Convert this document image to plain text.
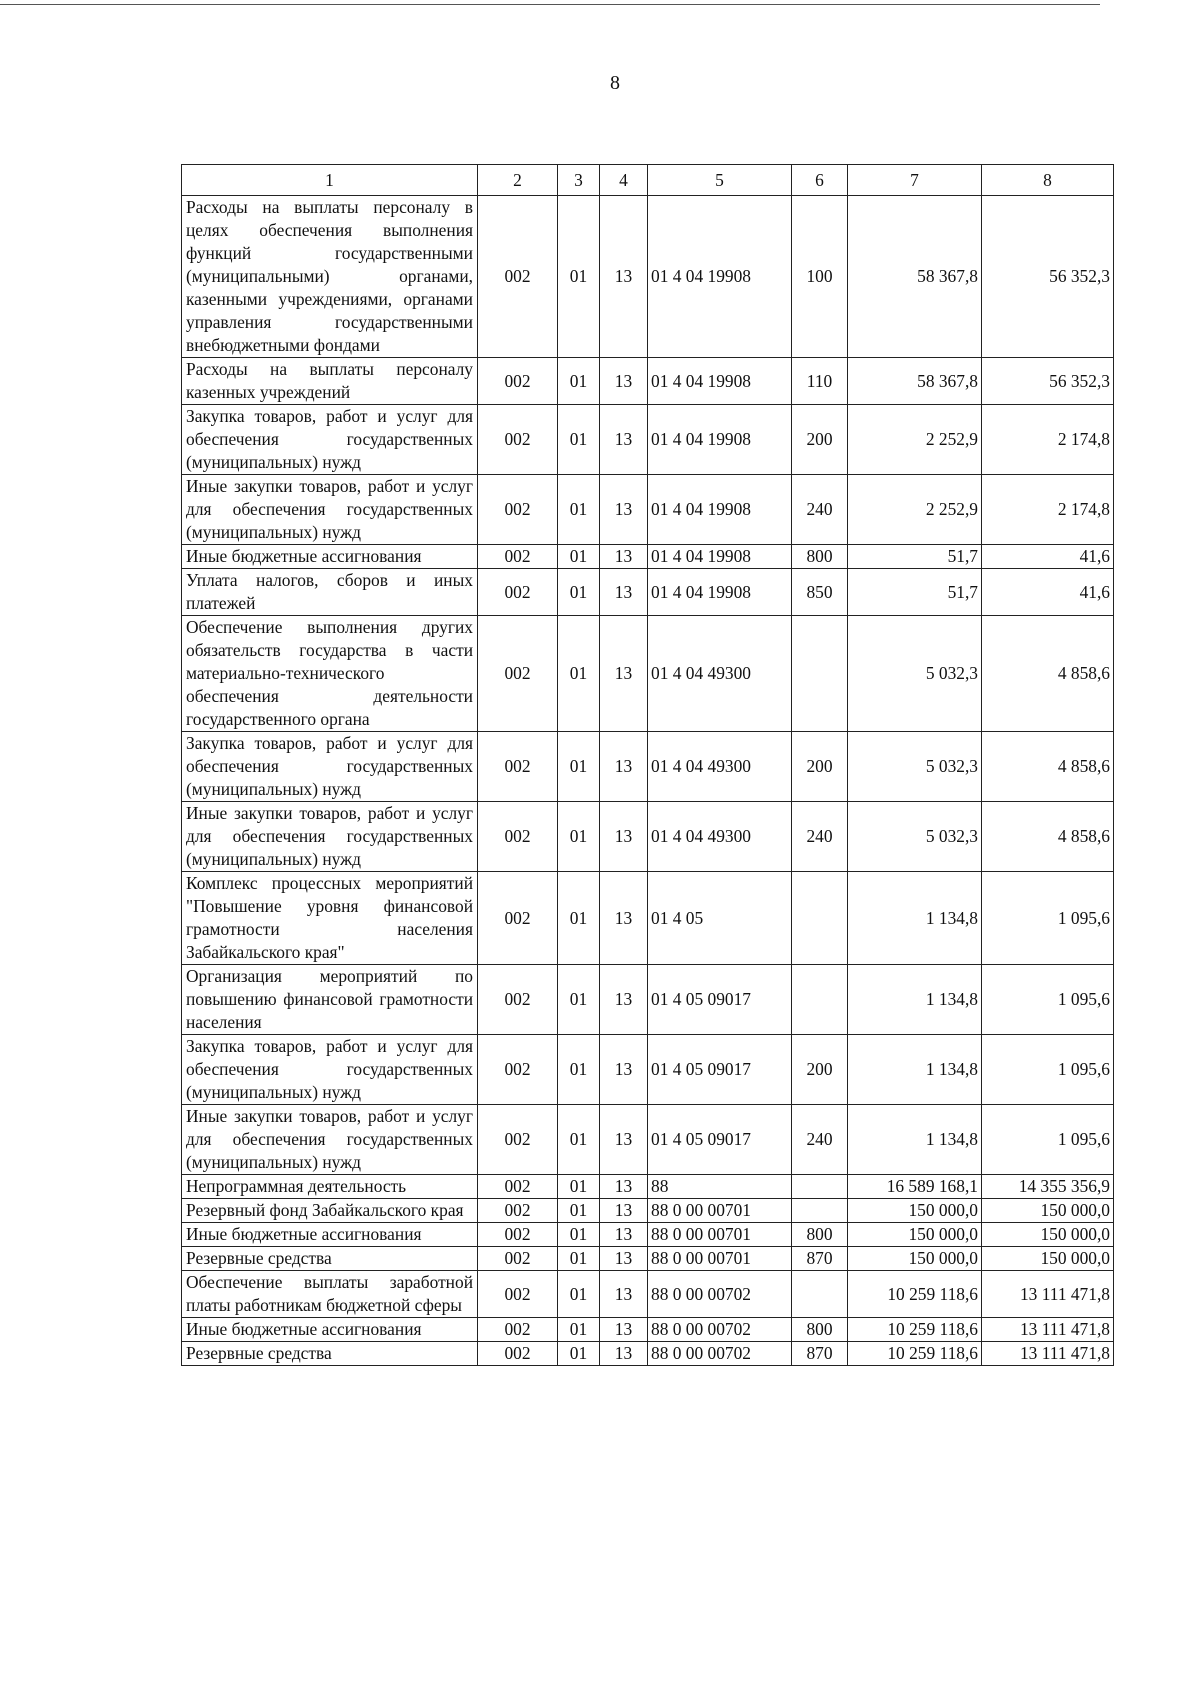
8
1	2	3	4	5	6	7	8
Расходы на выплаты персоналу в целях обеспечения выполнения функций государственными (муниципальными) органами, казенными учреждениями, органами управления государственными внебюджетными фондами	002	01	13	01 4 04 19908	100	58 367,8	56 352,3
Расходы на выплаты персоналу казенных учреждений	002	01	13	01 4 04 19908	110	58 367,8	56 352,3
Закупка товаров, работ и услуг для обеспечения государственных (муниципальных) нужд	002	01	13	01 4 04 19908	200	2 252,9	2 174,8
Иные закупки товаров, работ и услуг для обеспечения государственных (муниципальных) нужд	002	01	13	01 4 04 19908	240	2 252,9	2 174,8
Иные бюджетные ассигнования	002	01	13	01 4 04 19908	800	51,7	41,6
Уплата налогов, сборов и иных платежей	002	01	13	01 4 04 19908	850	51,7	41,6
Обеспечение выполнения других обязательств государства в части материально-технического обеспечения деятельности государственного органа	002	01	13	01 4 04 49300		5 032,3	4 858,6
Закупка товаров, работ и услуг для обеспечения государственных (муниципальных) нужд	002	01	13	01 4 04 49300	200	5 032,3	4 858,6
Иные закупки товаров, работ и услуг для обеспечения государственных (муниципальных) нужд	002	01	13	01 4 04 49300	240	5 032,3	4 858,6
Комплекс процессных мероприятий "Повышение уровня финансовой грамотности населения Забайкальского края"	002	01	13	01 4 05		1 134,8	1 095,6
Организация мероприятий по повышению финансовой грамотности населения	002	01	13	01 4 05 09017		1 134,8	1 095,6
Закупка товаров, работ и услуг для обеспечения государственных (муниципальных) нужд	002	01	13	01 4 05 09017	200	1 134,8	1 095,6
Иные закупки товаров, работ и услуг для обеспечения государственных (муниципальных) нужд	002	01	13	01 4 05 09017	240	1 134,8	1 095,6
Непрограммная деятельность	002	01	13	88		16 589 168,1	14 355 356,9
Резервный фонд Забайкальского края	002	01	13	88 0 00 00701		150 000,0	150 000,0
Иные бюджетные ассигнования	002	01	13	88 0 00 00701	800	150 000,0	150 000,0
Резервные средства	002	01	13	88 0 00 00701	870	150 000,0	150 000,0
Обеспечение выплаты заработной платы работникам бюджетной сферы	002	01	13	88 0 00 00702		10 259 118,6	13 111 471,8
Иные бюджетные ассигнования	002	01	13	88 0 00 00702	800	10 259 118,6	13 111 471,8
Резервные средства	002	01	13	88 0 00 00702	870	10 259 118,6	13 111 471,8
